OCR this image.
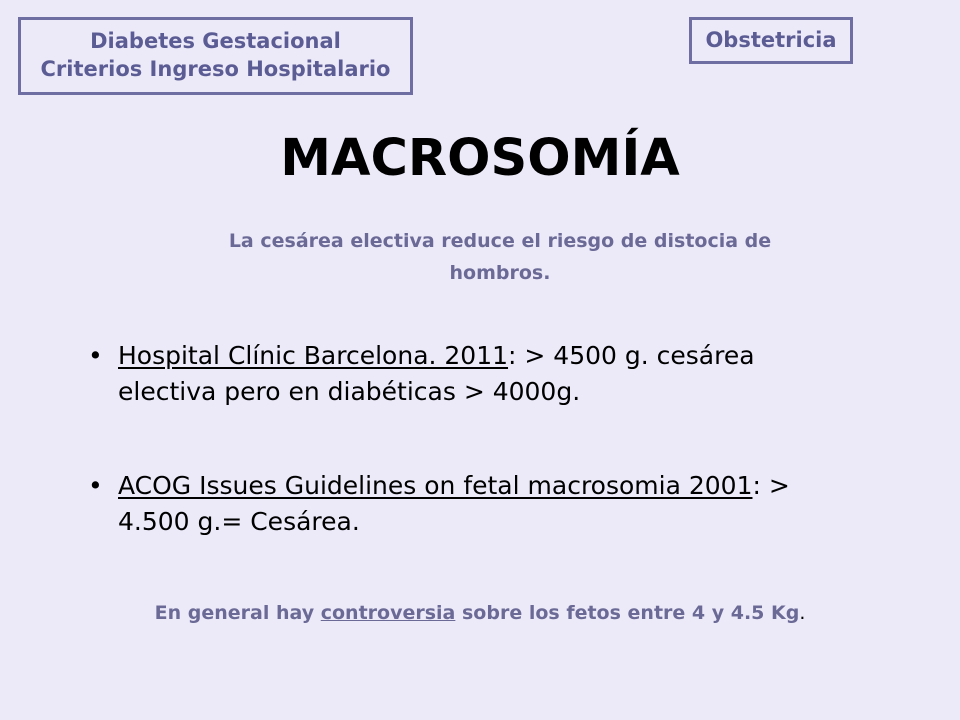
Diabetes Gestacional
Criterios Ingreso Hospitalario
Obstetricia
MACROSOMÍA
La cesárea electiva reduce el riesgo de distocia de hombros.
• Hospital Clínic Barcelona. 2011: > 4500 g. cesárea electiva pero en diabéticas > 4000g.
• ACOG Issues Guidelines on fetal macrosomia 2001: > 4.500 g.= Cesárea.
En general hay controversia sobre los fetos entre 4 y 4.5 Kg.
